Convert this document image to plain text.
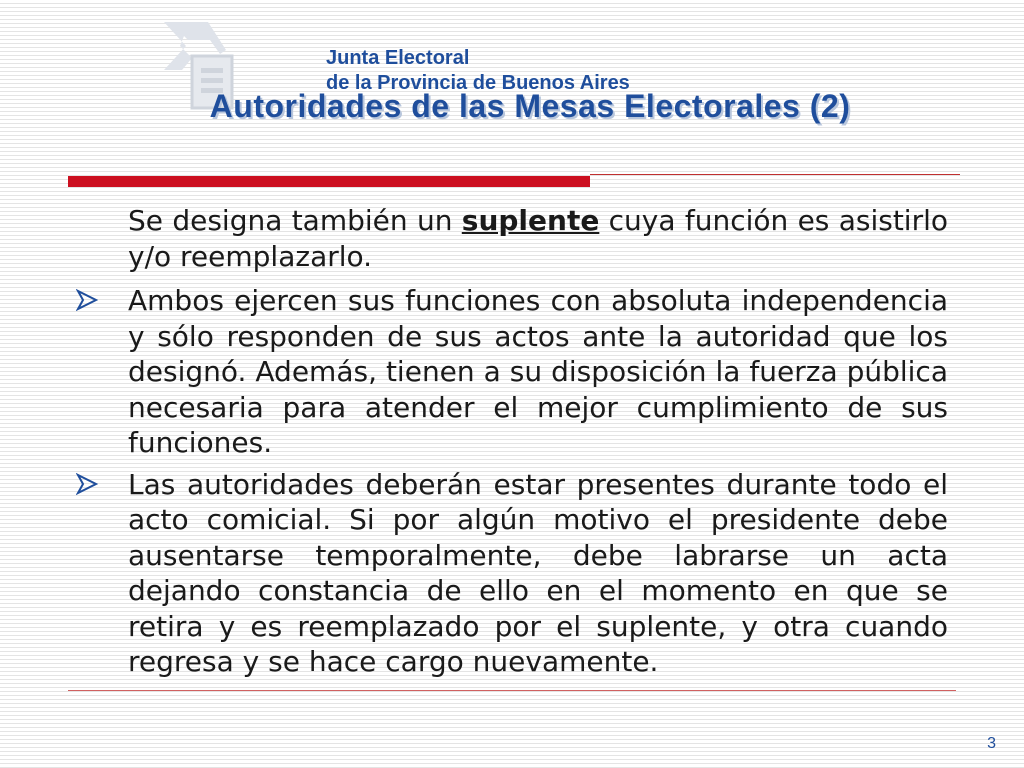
Junta Electoral
de la Provincia de Buenos Aires
Autoridades de las Mesas Electorales (2)

Se designa también un suplente cuya función es asistirlo y/o reemplazarlo.

Ambos ejercen sus funciones con absoluta independencia y sólo responden de sus actos ante la autoridad que los designó. Además, tienen a su disposición la fuerza pública necesaria para atender el mejor cumplimiento de sus funciones.

Las autoridades deberán estar presentes durante todo el acto comicial. Si por algún motivo el presidente debe ausentarse temporalmente, debe labrarse un acta dejando constancia de ello en el momento en que se retira y es reemplazado por el suplente, y otra cuando regresa y se hace cargo nuevamente.

3
